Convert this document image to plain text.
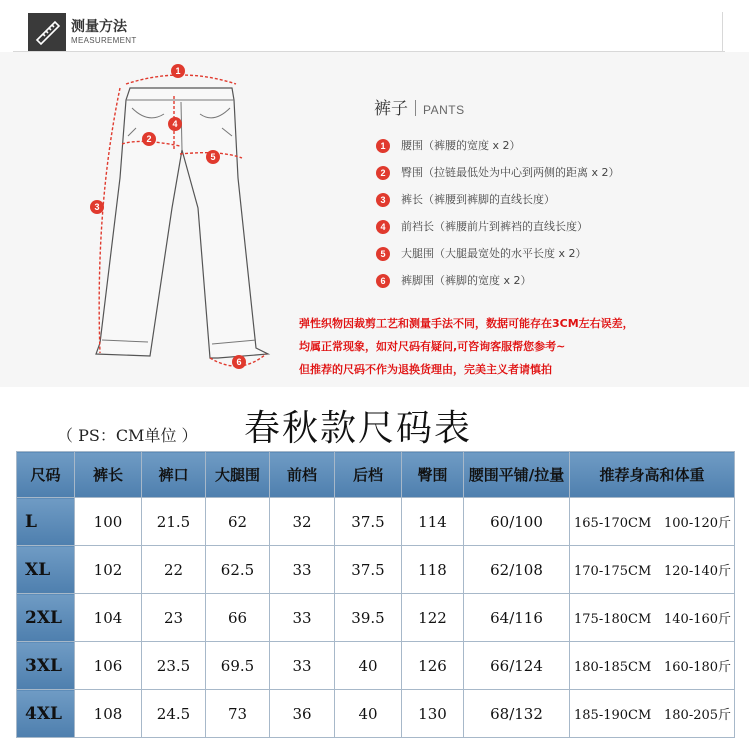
测量方法
MEASUREMENT
1
2
3
4
5
6
裤子 PANTS
1 腰围（裤腰的宽度 x 2）
2 臀围（拉链最低处为中心到两侧的距离 x 2）
3 裤长（裤腰到裤脚的直线长度）
4 前裆长（裤腰前片到裤裆的直线长度）
5 大腿围（大腿最宽处的水平长度 x 2）
6 裤脚围（裤脚的宽度 x 2）
弹性织物因裁剪工艺和测量手法不同，数据可能存在3CM左右误差，
均属正常现象，如对尺码有疑问,可咨询客服帮您参考~
但推荐的尺码不作为退换货理由，完美主义者请慎拍
春秋款尺码表
（ PS：CM单位 ）
尺码	裤长	裤口	大腿围	前档	后档	臀围	腰围平铺/拉量	推荐身高和体重
L	100	21.5	62	32	37.5	114	60/100	165-170CM 100-120斤
XL	102	22	62.5	33	37.5	118	62/108	170-175CM 120-140斤
2XL	104	23	66	33	39.5	122	64/116	175-180CM 140-160斤
3XL	106	23.5	69.5	33	40	126	66/124	180-185CM 160-180斤
4XL	108	24.5	73	36	40	130	68/132	185-190CM 180-205斤
